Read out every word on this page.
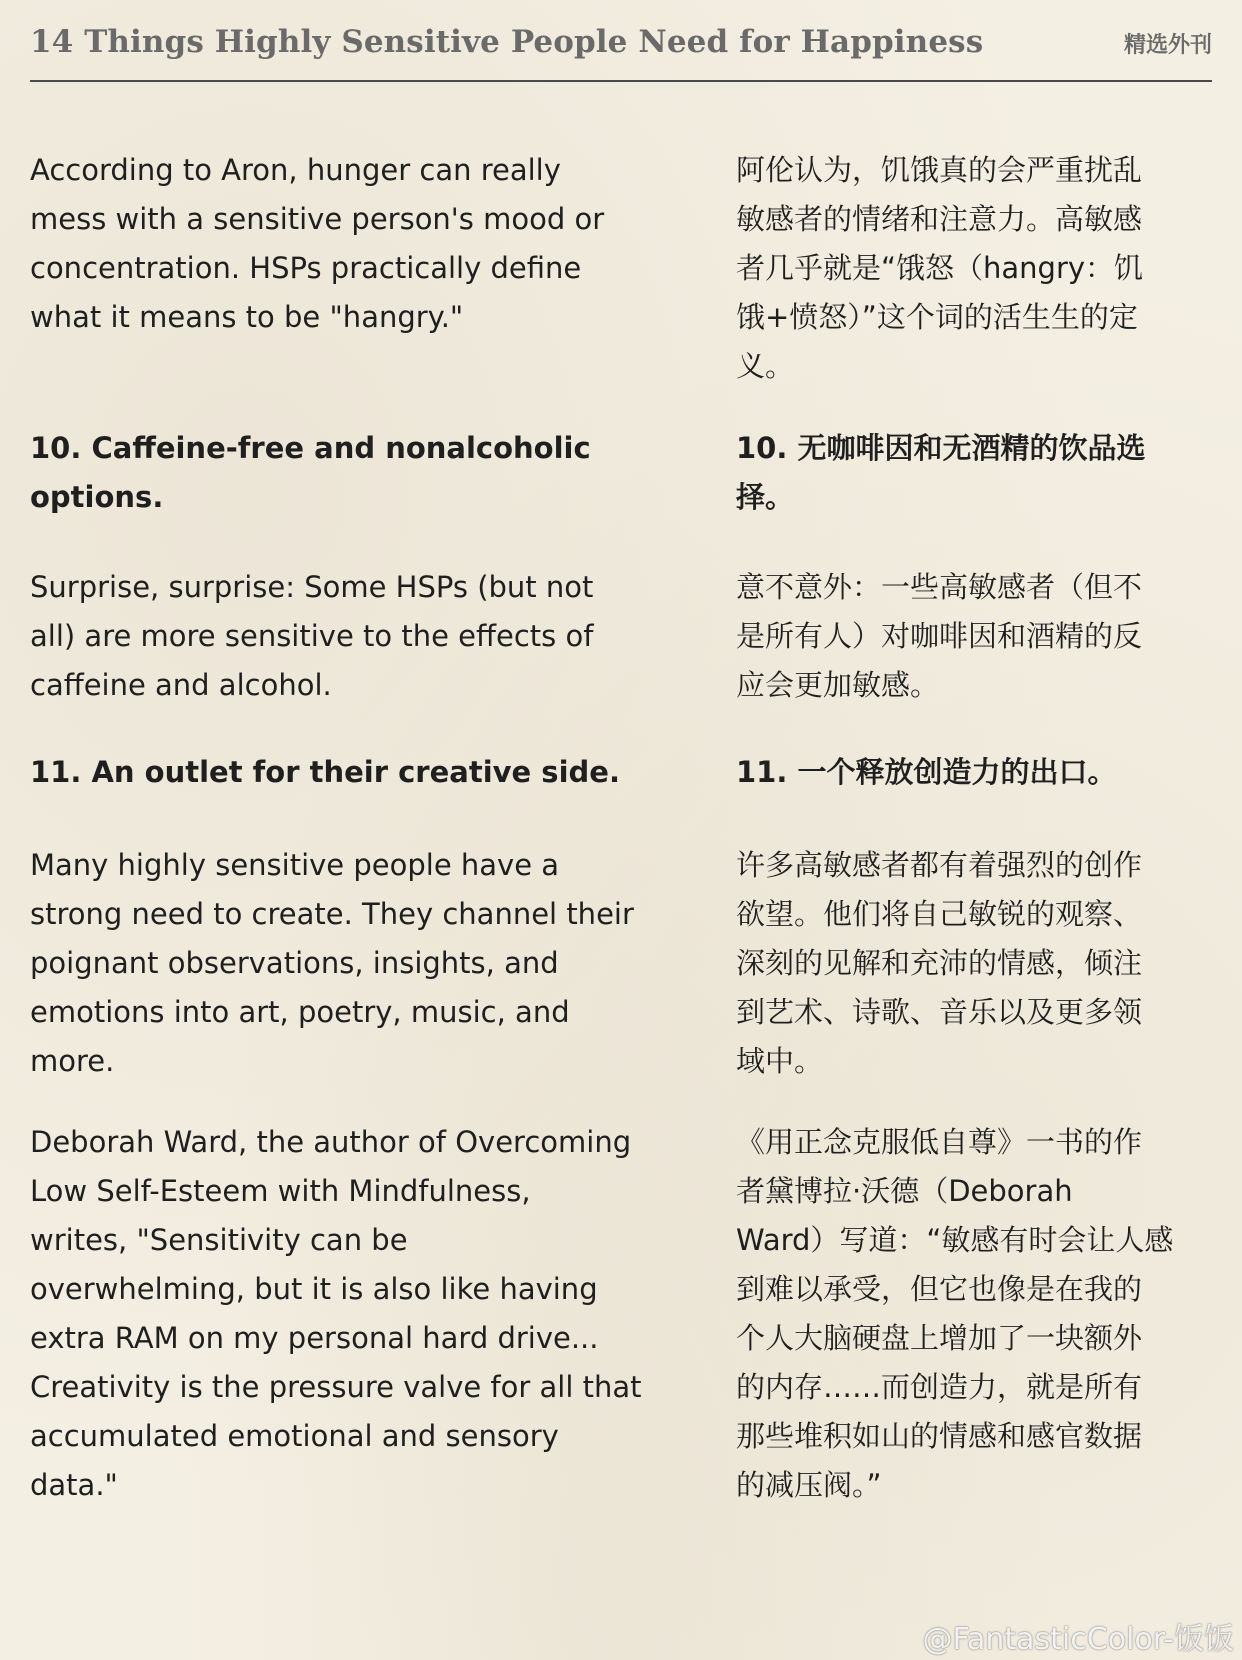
14 Things Highly Sensitive People Need for Happiness	精选外刊
According to Aron, hunger can really
mess with a sensitive person's mood or
concentration. HSPs practically define
what it means to be "hangry."
阿伦认为，饥饿真的会严重扰乱
敏感者的情绪和注意力。高敏感
者几乎就是“饿怒（hangry：饥
饿+愤怒）”这个词的活生生的定
义。
10. Caffeine-free and nonalcoholic
options.
10. 无咖啡因和无酒精的饮品选
择。
Surprise, surprise: Some HSPs (but not
all) are more sensitive to the effects of
caffeine and alcohol.
意不意外：一些高敏感者（但不
是所有人）对咖啡因和酒精的反
应会更加敏感。
11. An outlet for their creative side.	11. 一个释放创造力的出口。
Many highly sensitive people have a
strong need to create. They channel their
poignant observations, insights, and
emotions into art, poetry, music, and
more.
许多高敏感者都有着强烈的创作
欲望。他们将自己敏锐的观察、
深刻的见解和充沛的情感，倾注
到艺术、诗歌、音乐以及更多领
域中。
Deborah Ward, the author of Overcoming
Low Self-Esteem with Mindfulness,
writes, "Sensitivity can be
overwhelming, but it is also like having
extra RAM on my personal hard drive...
Creativity is the pressure valve for all that
accumulated emotional and sensory
data."
《用正念克服低自尊》一书的作
者黛博拉·沃德（Deborah
Ward）写道：“敏感有时会让人感
到难以承受，但它也像是在我的
个人大脑硬盘上增加了一块额外
的内存……而创造力，就是所有
那些堆积如山的情感和感官数据
的减压阀。”
@FantasticColor-饭饭
